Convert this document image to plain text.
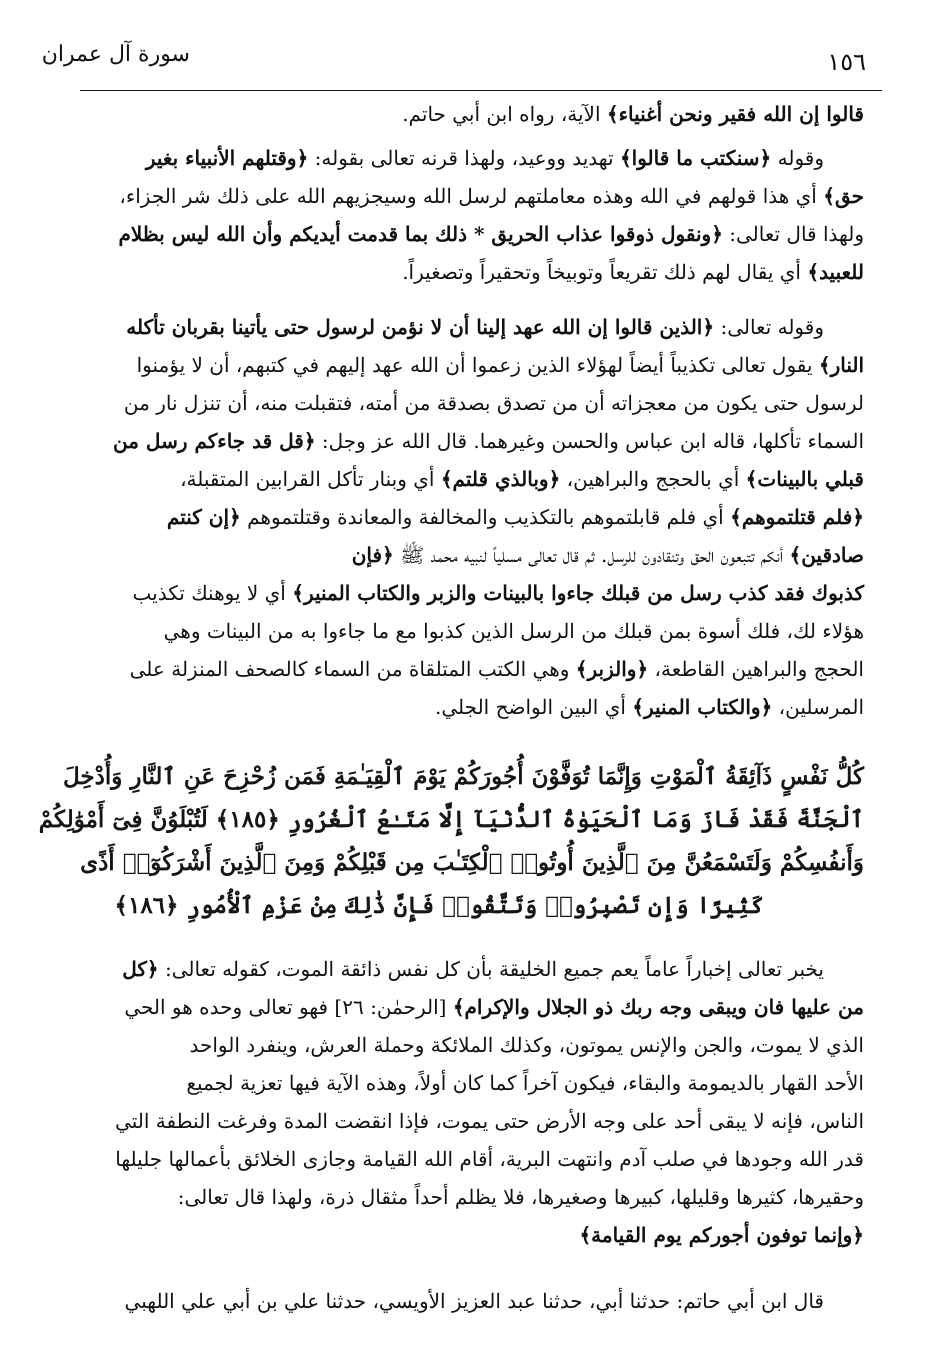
سورة آل عمران	١٥٦
قالوا إن الله فقير ونحن أغنياء﴾ الآية، رواه ابن أبي حاتم.
وقوله ﴿سنكتب ما قالوا﴾ تهديد ووعيد، ولهذا قرنه تعالى بقوله: ﴿وقتلهم الأنبياء بغير
حق﴾ أي هذا قولهم في الله وهذه معاملتهم لرسل الله وسيجزيهم الله على ذلك شر الجزاء،
ولهذا قال تعالى: ﴿ونقول ذوقوا عذاب الحريق * ذلك بما قدمت أيديكم وأن الله ليس بظلام
للعبيد﴾ أي يقال لهم ذلك تقريعاً وتوبيخاً وتحقيراً وتصغيراً.
وقوله تعالى: ﴿الذين قالوا إن الله عهد إلينا أن لا نؤمن لرسول حتى يأتينا بقربان تأكله
النار﴾ يقول تعالى تكذيباً أيضاً لهؤلاء الذين زعموا أن الله عهد إليهم في كتبهم، أن لا يؤمنوا
لرسول حتى يكون من معجزاته أن من تصدق بصدقة من أمته، فتقبلت منه، أن تنزل نار من
السماء تأكلها، قاله ابن عباس والحسن وغيرهما. قال الله عز وجل: ﴿قل قد جاءكم رسل من
قبلي بالبينات﴾ أي بالحجج والبراهين، ﴿وبالذي قلتم﴾ أي وبنار تأكل القرابين المتقبلة،
﴿فلم قتلتموهم﴾ أي فلم قابلتموهم بالتكذيب والمخالفة والمعاندة وقتلتموهم ﴿إن كنتم
صادقين﴾ أنكم تتبعون الحق وتنقادون للرسل. ثم قال تعالى مسلياً لنبيه محمد ﷺ ﴿فإن
كذبوك فقد كذب رسل من قبلك جاءوا بالبينات والزبر والكتاب المنير﴾ أي لا يوهنك تكذيب
هؤلاء لك، فلك أسوة بمن قبلك من الرسل الذين كذبوا مع ما جاءوا به من البينات وهي
الحجج والبراهين القاطعة، ﴿والزبر﴾ وهي الكتب المتلقاة من السماء كالصحف المنزلة على
المرسلين، ﴿والكتاب المنير﴾ أي البين الواضح الجلي.
كُلُّ نَفْسٍ ذَآئِقَةُ ٱلْمَوْتِ وَإِنَّمَا تُوَفَّوْنَ أُجُورَكُمْ يَوْمَ ٱلْقِيَـٰمَةِ فَمَن زُحْزِحَ عَنِ ٱلنَّارِ وَأُدْخِلَ
ٱلْجَنَّةَ فَقَدْ فَازَ وَمَا ٱلْحَيَوٰةُ ٱلدُّنْيَآ إِلَّا مَتَـٰعُ ٱلْغُرُورِ ﴿١٨٥﴾ لَتُبْلَوُنَّ فِىٓ أَمْوَٰلِكُمْ
وَأَنفُسِكُمْ وَلَتَسْمَعُنَّ مِنَ ٱلَّذِينَ أُوتُوا۟ ٱلْكِتَـٰبَ مِن قَبْلِكُمْ وَمِنَ ٱلَّذِينَ أَشْرَكُوٓا۟ أَذًى
كَثِيرًا وَإِن تَصْبِرُوا۟ وَتَتَّقُوا۟ فَإِنَّ ذَٰلِكَ مِنْ عَزْمِ ٱلْأُمُورِ ﴿١٨٦﴾
يخبر تعالى إخباراً عاماً يعم جميع الخليقة بأن كل نفس ذائقة الموت، كقوله تعالى: ﴿كل
من عليها فان ويبقى وجه ربك ذو الجلال والإكرام﴾ [الرحمٰن: ٢٦] فهو تعالى وحده هو الحي
الذي لا يموت، والجن والإنس يموتون، وكذلك الملائكة وحملة العرش، وينفرد الواحد
الأحد القهار بالديمومة والبقاء، فيكون آخراً كما كان أولاً، وهذه الآية فيها تعزية لجميع
الناس، فإنه لا يبقى أحد على وجه الأرض حتى يموت، فإذا انقضت المدة وفرغت النطفة التي
قدر الله وجودها في صلب آدم وانتهت البرية، أقام الله القيامة وجازى الخلائق بأعمالها جليلها
وحقيرها، كثيرها وقليلها، كبيرها وصغيرها، فلا يظلم أحداً مثقال ذرة، ولهذا قال تعالى:
﴿وإنما توفون أجوركم يوم القيامة﴾
قال ابن أبي حاتم: حدثنا أبي، حدثنا عبد العزيز الأويسي، حدثنا علي بن أبي علي اللهبي
